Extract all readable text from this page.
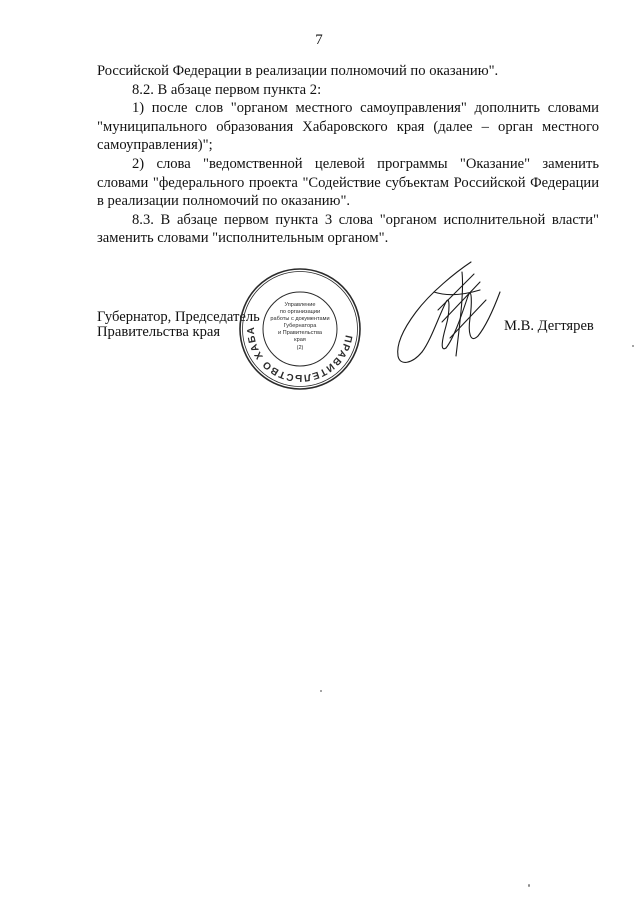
7

Российской Федерации в реализации полномочий по оказанию".

8.2. В абзаце первом пункта 2:

1) после слов "органом местного самоуправления" дополнить словами "муниципального образования Хабаровского края (далее – орган местного самоуправления)";

2) слова "ведомственной целевой программы "Оказание" заменить словами "федерального проекта "Содействие субъектам Российской Федерации в реализации полномочий по оказанию".

8.3. В абзаце первом пункта 3 слова "органом исполнительной власти" заменить словами "исполнительным органом".

Губернатор, Председатель
Правительства края	ПРАВИТЕЛЬСТВО ХАБА
Управление
по организации
работы с документами
Губернатора
и Правительства
края
(2)
М.В. Дегтярев
